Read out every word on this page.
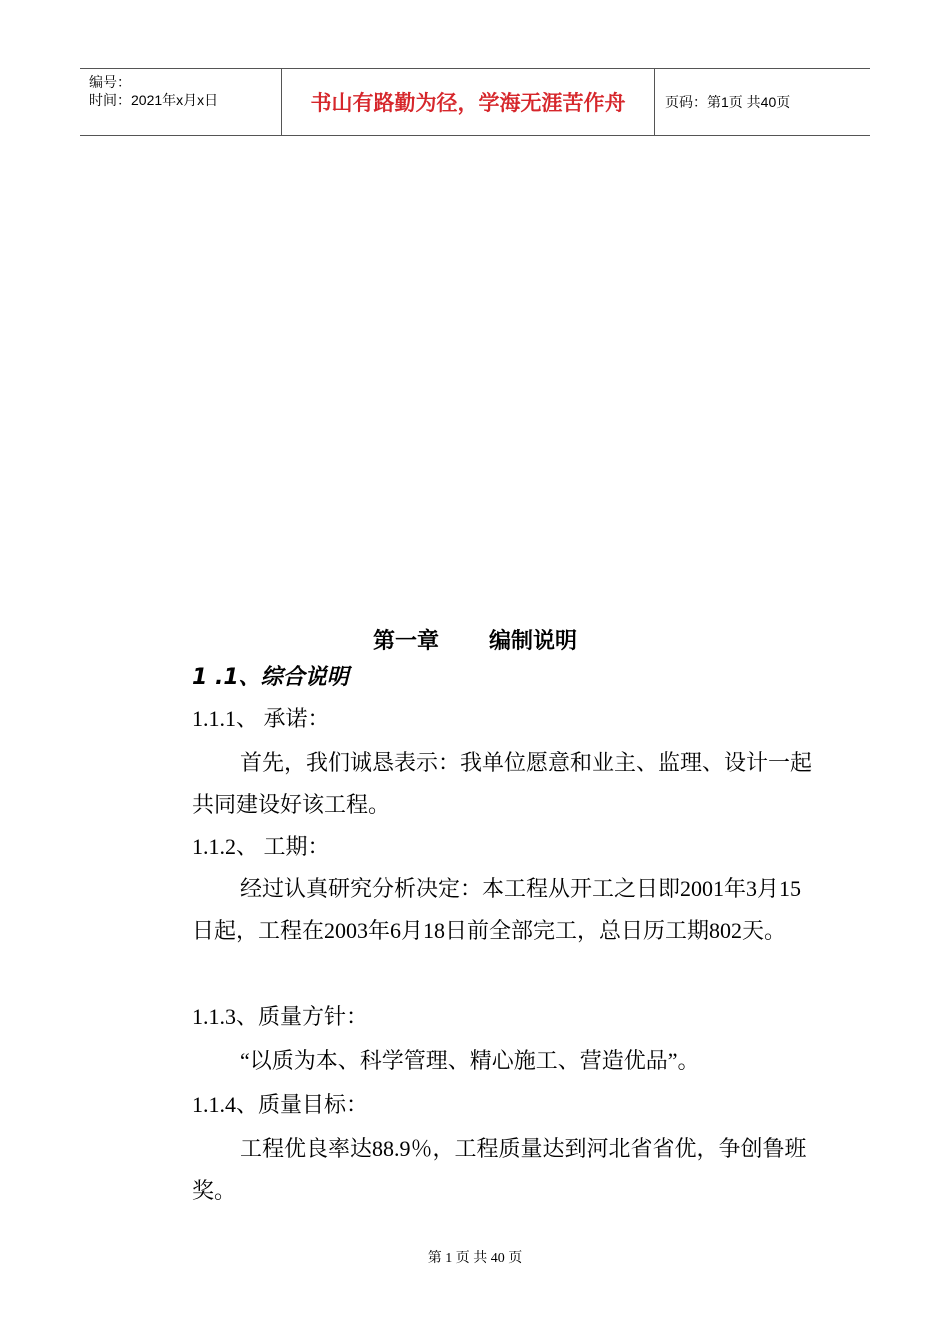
编号：
时间：2021年x月x日	书山有路勤为径，学海无涯苦作舟	页码：第1页 共40页
第一章 编制说明
1 .1、综合说明
1.1.1、 承诺：
首先，我们诚恳表示：我单位愿意和业主、监理、设计一起共同建设好该工程。
1.1.2、 工期：
经过认真研究分析决定：本工程从开工之日即2001年3月15日起，工程在2003年6月18日前全部完工，总日历工期802天。
1.1.3、质量方针：
“以质为本、科学管理、精心施工、营造优品”。
1.1.4、质量目标：
工程优良率达88.9％，工程质量达到河北省省优，争创鲁班奖。
第 1 页 共 40 页
